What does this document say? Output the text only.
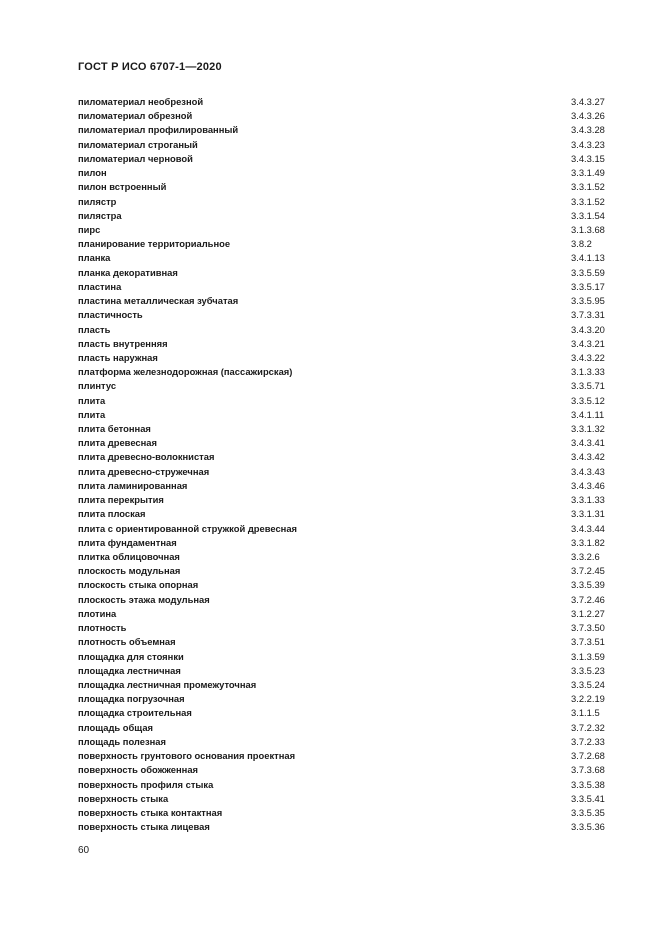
ГОСТ Р ИСО 6707-1—2020
пиломатериал необрезной	3.4.3.27
пиломатериал обрезной	3.4.3.26
пиломатериал профилированный	3.4.3.28
пиломатериал строганый	3.4.3.23
пиломатериал черновой	3.4.3.15
пилон	3.3.1.49
пилон встроенный	3.3.1.52
пилястр	3.3.1.52
пилястра	3.3.1.54
пирс	3.1.3.68
планирование территориальное	3.8.2
планка	3.4.1.13
планка декоративная	3.3.5.59
пластина	3.3.5.17
пластина металлическая зубчатая	3.3.5.95
пластичность	3.7.3.31
пласть	3.4.3.20
пласть внутренняя	3.4.3.21
пласть наружная	3.4.3.22
платформа железнодорожная (пассажирская)	3.1.3.33
плинтус	3.3.5.71
плита	3.3.5.12
плита	3.4.1.11
плита бетонная	3.3.1.32
плита древесная	3.4.3.41
плита древесно-волокнистая	3.4.3.42
плита древесно-стружечная	3.4.3.43
плита ламинированная	3.4.3.46
плита перекрытия	3.3.1.33
плита плоская	3.3.1.31
плита с ориентированной стружкой древесная	3.4.3.44
плита фундаментная	3.3.1.82
плитка облицовочная	3.3.2.6
плоскость модульная	3.7.2.45
плоскость стыка опорная	3.3.5.39
плоскость этажа модульная	3.7.2.46
плотина	3.1.2.27
плотность	3.7.3.50
плотность объемная	3.7.3.51
площадка для стоянки	3.1.3.59
площадка лестничная	3.3.5.23
площадка лестничная промежуточная	3.3.5.24
площадка погрузочная	3.2.2.19
площадка строительная	3.1.1.5
площадь общая	3.7.2.32
площадь полезная	3.7.2.33
поверхность грунтового основания проектная	3.7.2.68
поверхность обожженная	3.7.3.68
поверхность профиля стыка	3.3.5.38
поверхность стыка	3.3.5.41
поверхность стыка контактная	3.3.5.35
поверхность стыка лицевая	3.3.5.36

60
